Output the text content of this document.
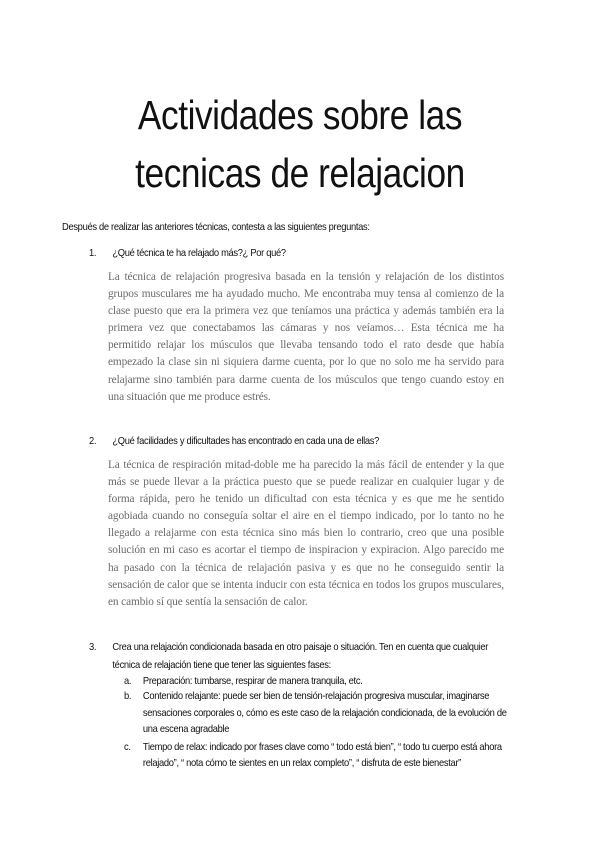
Actividades sobre las
tecnicas de relajacion
Después de realizar las anteriores técnicas, contesta a las siguientes preguntas:
1. ¿Qué técnica te ha relajado más?¿ Por qué?
La técnica de relajación progresiva basada en la tensión y relajación de los distintos grupos musculares me ha ayudado mucho. Me encontraba muy tensa al comienzo de la clase puesto que era la primera vez que teníamos una práctica y además también era la primera vez que conectabamos las cámaras y nos veíamos… Esta técnica me ha permitido relajar los músculos que llevaba tensando todo el rato desde que había empezado la clase sin ni siquiera darme cuenta, por lo que no solo me ha servido para relajarme sino también para darme cuenta de los músculos que tengo cuando estoy en una situación que me produce estrés.
2. ¿Qué facilidades y dificultades has encontrado en cada una de ellas?
La técnica de respiración mitad-doble me ha parecido la más fácil de entender y la que más se puede llevar a la práctica puesto que se puede realizar en cualquier lugar y de forma rápida, pero he tenido un dificultad con esta técnica y es que me he sentido agobiada cuando no conseguía soltar el aire en el tiempo indicado, por lo tanto no he llegado a relajarme con esta técnica sino más bien lo contrario, creo que una posible solución en mi caso es acortar el tiempo de inspiracion y expiracion. Algo parecido me ha pasado con la técnica de relajación pasiva y es que no he conseguido sentir la sensación de calor que se intenta inducir con esta técnica en todos los grupos musculares, en cambio sí que sentía la sensación de calor.
3. Crea una relajación condicionada basada en otro paisaje o situación. Ten en cuenta que cualquier
técnica de relajación tiene que tener las siguientes fases:
a. Preparación: tumbarse, respirar de manera tranquila, etc.
b. Contenido relajante: puede ser bien de tensión-relajación progresiva muscular, imaginarse
sensaciones corporales o, cómo es este caso de la relajación condicionada, de la evolución de
una escena agradable
c. Tiempo de relax: indicado por frases clave como “ todo está bien”, “ todo tu cuerpo está ahora
relajado”, “ nota cómo te sientes en un relax completo”, “ disfruta de este bienestar”
